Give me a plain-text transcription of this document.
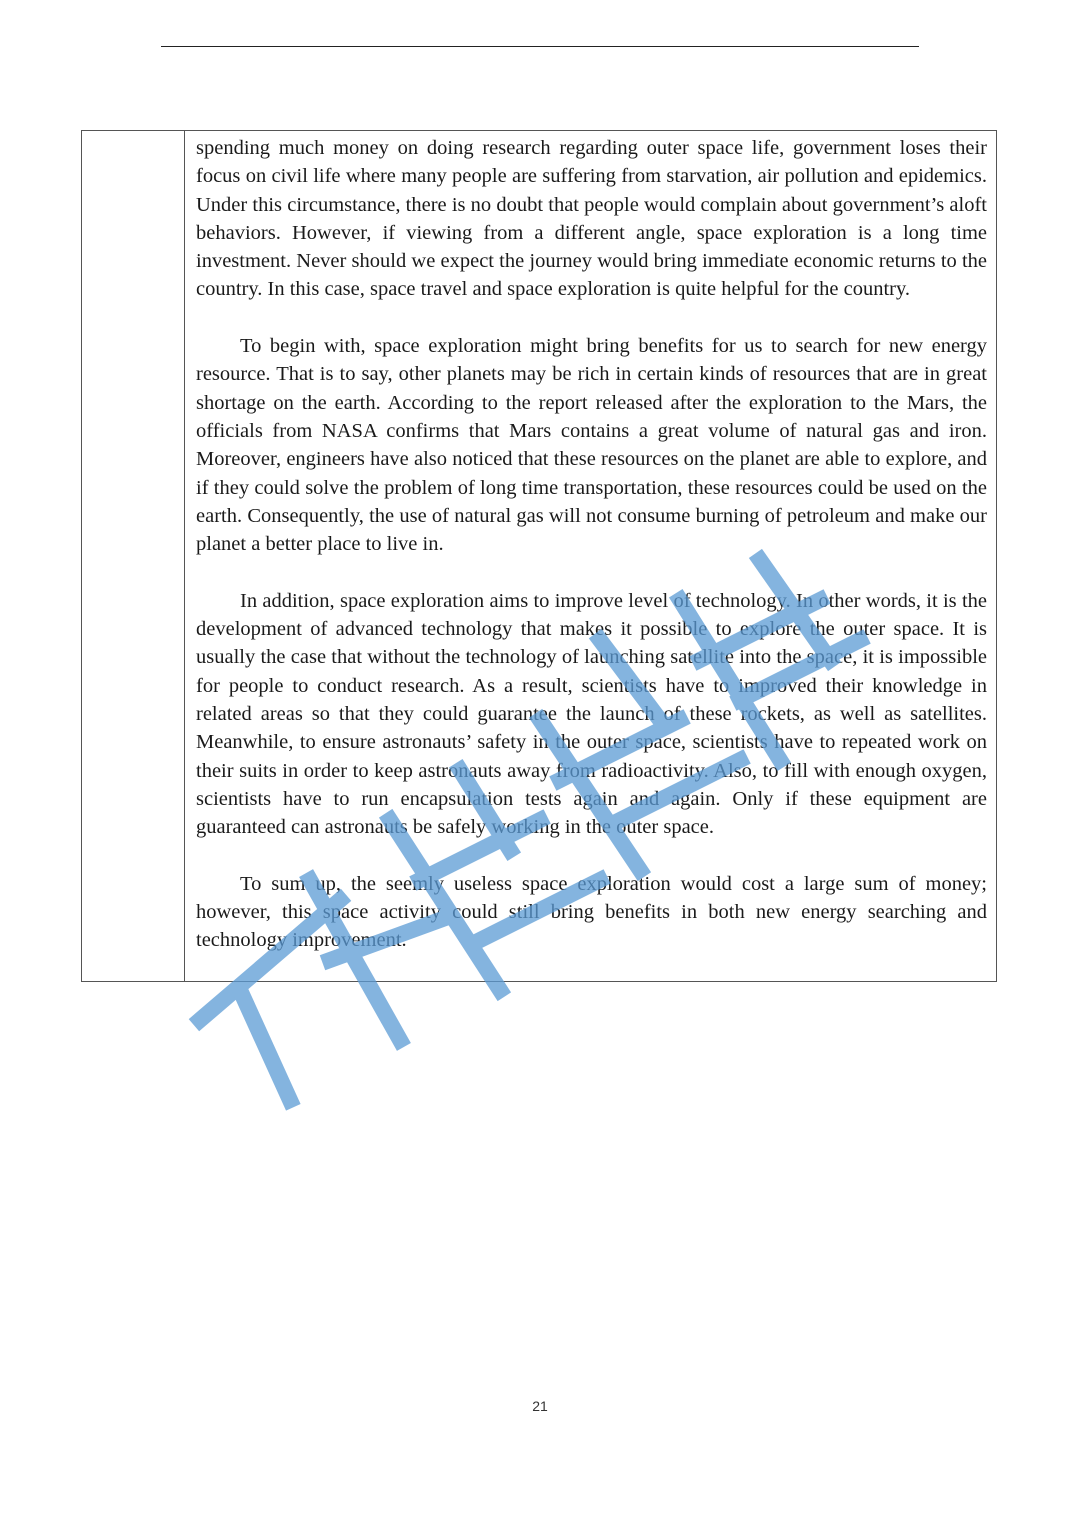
spending much money on doing research regarding outer space life, government loses their focus on civil life where many people are suffering from starvation, air pollution and epidemics. Under this circumstance, there is no doubt that people would complain about government’s aloft behaviors. However, if viewing from a different angle, space exploration is a long time investment. Never should we expect the journey would bring immediate economic returns to the country. In this case, space travel and space exploration is quite helpful for the country.

To begin with, space exploration might bring benefits for us to search for new energy resource. That is to say, other planets may be rich in certain kinds of resources that are in great shortage on the earth. According to the report released after the exploration to the Mars, the officials from NASA confirms that Mars contains a great volume of natural gas and iron. Moreover, engineers have also noticed that these resources on the planet are able to explore, and if they could solve the problem of long time transportation, these resources could be used on the earth. Consequently, the use of natural gas will not consume burning of petroleum and make our planet a better place to live in.

In addition, space exploration aims to improve level of technology. In other words, it is the development of advanced technology that makes it possible to explore the outer space. It is usually the case that without the technology of launching satellite into the space, it is impossible for people to conduct research. As a result, scientists have to improved their knowledge in related areas so that they could guarantee the launch of these rockets, as well as satellites. Meanwhile, to ensure astronauts’ safety in the outer space, scientists have to repeated work on their suits in order to keep astronauts away from radioactivity. Also, to fill with enough oxygen, scientists have to run encapsulation tests again and again. Only if these equipment are guaranteed can astronauts be safely working in the outer space.

To sum up, the seemly useless space exploration would cost a large sum of money; however, this space activity could still bring benefits in both new energy searching and technology improvement.

21
